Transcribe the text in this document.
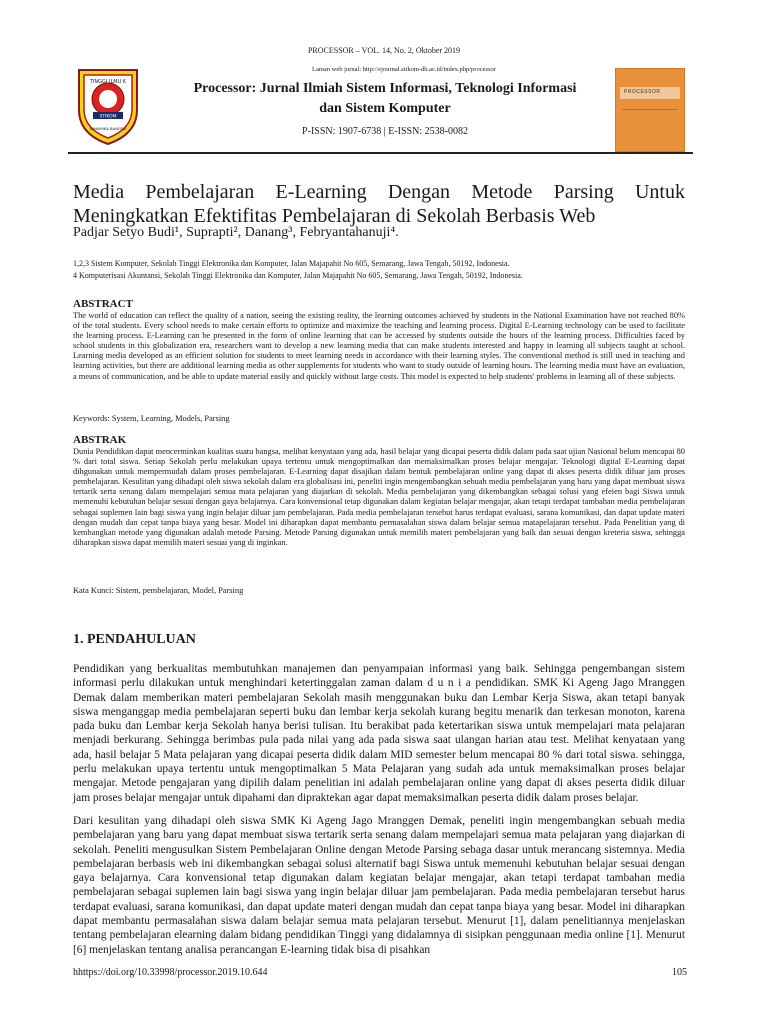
PROCESSOR – VOL. 14, No. 2, Oktober 2019
Laman web jurnal: http://ejournal.stikom-db.ac.id/index.php/processor
TINGGI ILMU K
STIKOM
DINAMIKA BANGSA
Processor: Jurnal Ilmiah Sistem Informasi, Teknologi Informasi
dan Sistem Komputer
P-ISSN: 1907-6738 | E-ISSN: 2538-0082
PROCESSOR
Media Pembelajaran E-Learning Dengan Metode Parsing Untuk Meningkatkan Efektifitas Pembelajaran di Sekolah Berbasis Web
Padjar Setyo Budi¹, Suprapti², Danang³, Febryantahanuji⁴.
1,2,3 Sistem Komputer, Sekolah Tinggi Elektronika dan Komputer, Jalan Majapahit No 605, Semarang, Jawa Tengah, 50192, Indonesia.
4 Komputerisasi Akuntansi, Sekolah Tinggi Elektronika dan Komputer, Jalan Majapahit No 605, Semarang, Jawa Tengah, 50192, Indonesia.
ABSTRACT

The world of education can reflect the quality of a nation, seeing the existing reality, the learning outcomes achieved by students in the National Examination have not reached 80% of the total students. Every school needs to make certain efforts to optimize and maximize the teaching and learning process. Digital E-Learning technology can be used to facilitate the learning process. E-Learning can be presented in the form of online learning that can be accessed by students outside the hours of the learning process. Difficulties faced by school students in this globalization era, researchers want to develop a new learning media that can make students interested and happy in learning all subjects taught at school. Learning media developed as an efficient solution for students to meet learning needs in accordance with their learning styles. The conventional method is still used in teaching and learning activities, but there are additional learning media as other supplements for students who want to study outside of learning hours. The learning media must have an evaluation, a means of communication, and be able to update material easily and quickly without large costs. This model is expected to help students' problems in learning all of these subjects.

Keywords: System, Learning, Models, Parsing
ABSTRAK

Dunia Pendidikan dapat mencerminkan kualitas suatu bangsa, melihat kenyataan yang ada, hasil belajar yang dicapai peserta didik dalam pada saat ujian Nasional belum mencapai 80 % dari total siswa. Setiap Sekolah perlu melakukan upaya tertentu untuk mengoptimalkan dan memaksimalkan proses belajar mengajar. Teknologi digital E-Learning dapat dihgunakan untuk mempermudah dalam proses pembelajaran. E-Learning dapat disajikan dalam bentuk pembelajaran online yang dapat di akses peserta didik diluar jam proses pembelajaran. Kesulitan yang dihadapi oleh siswa sekolah dalam era globalisasi ini, peneliti ingin mengembangkan sebuah media pembelajaran yang baru yang dapat membuat siswa tertarik serta senang dalam mempelajari semua mata pelajaran yang diajarkan di sekolah. Media pembelajaran yang dikembangkan sebagai solusi yang efeien bagi Siswa untuk memenuhi kebutuhan belajar sesuai dengan gaya belajarnya. Cara konvensional tetap digunakan dalam kegiatan belajar mengajar, akan tetapi terdapat tambahan media pembelajaran sebagai suplemen lain bagi siswa yang ingin belajar diluar jam pembelajaran. Pada media pembelajaran tersebut harus terdapat evaluasi, sarana komunikasi, dan dapat update materi dengan mudah dan cepat tanpa biaya yang besar. Model ini diharapkan dapat membantu permasalahan siswa dalam belajar semua matapelajaran tersebut. Pada Penelitian yang di kembangkan metode yang digunakan adalah metode Parsing. Metode Parsing digunakan untuk memilih materi pembelajaran yang baik dan sesuai dengan kreteria siswa, sehingga diharapkan siswa dapat memilih materi sesuai yang di inginkan.

Kata Kunci: Sistem, pembelajaran, Model, Parsing
1. PENDAHULUAN

Pendidikan yang berkualitas membutuhkan manajemen dan penyampaian informasi yang baik. Sehingga pengembangan sistem informasi perlu dilakukan untuk menghindari ketertinggalan zaman dalam d u n i a pendidikan. SMK Ki Ageng Jago Mranggen Demak dalam memberikan materi pembelajaran Sekolah masih menggunakan buku dan Lembar Kerja Siswa, akan tetapi banyak siswa menganggap media pembelajaran seperti buku dan lembar kerja sekolah kurang begitu menarik dan terkesan monoton, karena pada buku dan Lembar kerja Sekolah hanya berisi tulisan. Itu berakibat pada ketertarikan siswa untuk mempelajari mata pelajaran menjadi berkurang. Sehingga berimbas pula pada nilai yang ada pada siswa saat ulangan harian atau test. Melihat kenyataan yang ada, hasil belajar 5 Mata pelajaran yang dicapai peserta didik dalam MID semester belum mencapai 80 % dari total siswa. sehingga, perlu melakukan upaya tertentu untuk mengoptimalkan 5 Mata Pelajaran yang sudah ada untuk memaksimalkan proses belajar mengajar. Metode pengajaran yang dipilih dalam penelitian ini adalah pembelajaran online yang dapat di akses peserta didik diluar jam proses belajar mengajar untuk dipahami dan dipraktekan agar dapat memaksimalkan peserta didik dalam proses belajar.

Dari kesulitan yang dihadapi oleh siswa SMK Ki Ageng Jago Mranggen Demak, peneliti ingin mengembangkan sebuah media pembelajaran yang baru yang dapat membuat siswa tertarik serta senang dalam mempelajari semua mata pelajaran yang diajarkan di sekolah. Peneliti mengusulkan Sistem Pembelajaran Online dengan Metode Parsing sebaga dasar untuk merancang sistemnya. Media pembelajaran berbasis web ini dikembangkan sebagai solusi alternatif bagi Siswa untuk memenuhi kebutuhan belajar sesuai dengan gaya belajarnya. Cara konvensional tetap digunakan dalam kegiatan belajar mengajar, akan tetapi terdapat tambahan media pembelajaran sebagai suplemen lain bagi siswa yang ingin belajar diluar jam pembelajaran. Pada media pembelajaran tersebut harus terdapat evaluasi, sarana komunikasi, dan dapat update materi dengan mudah dan cepat tanpa biaya yang besar. Model ini diharapkan dapat membantu permasalahan siswa dalam belajar semua mata pelajaran tersebut. Menurut [1], dalam penelitiannya menjelaskan tentang pembelajaran elearning dalam bidang pendidikan Tinggi yang didalamnya di sisipkan penggunaan media online [1]. Menurut [6] menjelaskan tentang analisa perancangan E-learning tidak bisa di pisahkan

hhttps://doi.org/10.33998/processor.2019.10.644	105
